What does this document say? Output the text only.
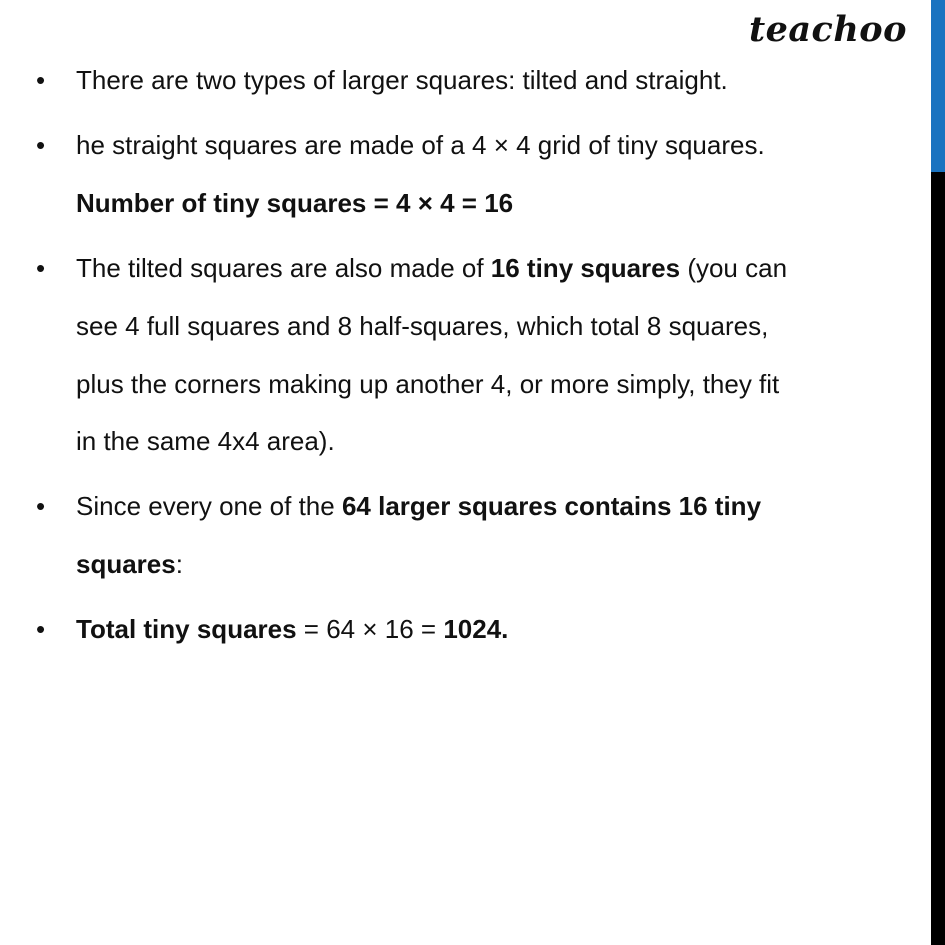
teachoo
• There are two types of larger squares: tilted and straight.
• he straight squares are made of a 4 × 4 grid of tiny squares.
Number of tiny squares = 4 × 4 = 16
• The tilted squares are also made of 16 tiny squares (you can
see 4 full squares and 8 half-squares, which total 8 squares,
plus the corners making up another 4, or more simply, they fit
in the same 4x4 area).
• Since every one of the 64 larger squares contains 16 tiny
squares:
• Total tiny squares = 64 × 16 = 1024.
